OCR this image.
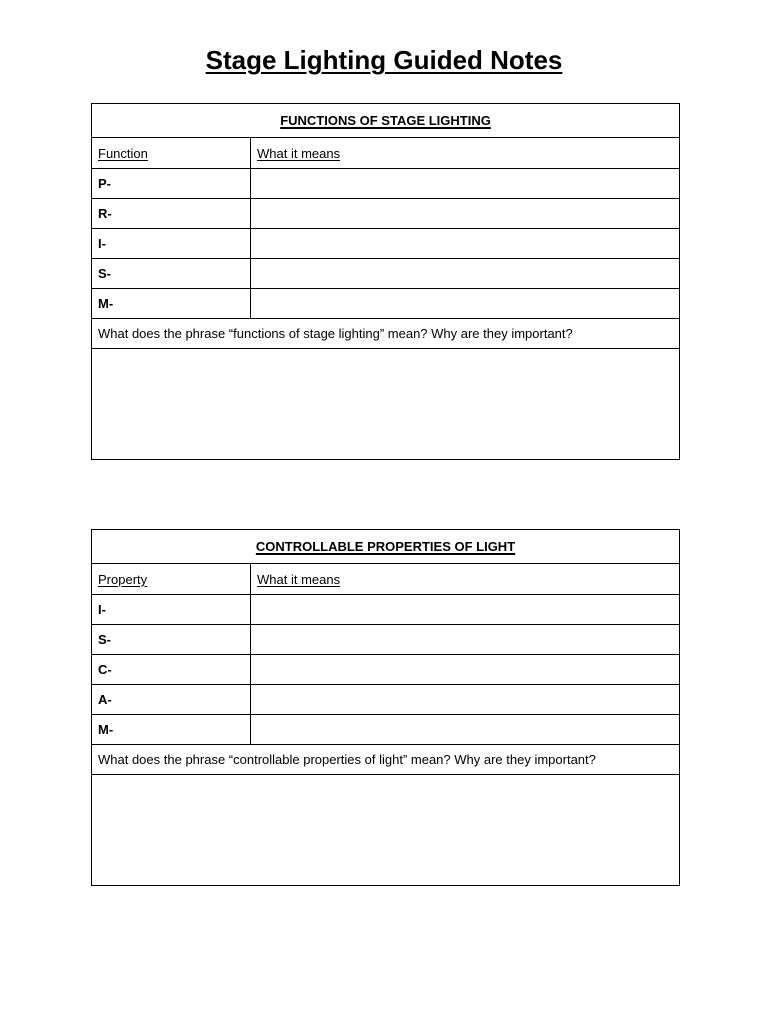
Stage Lighting Guided Notes
FUNCTIONS OF STAGE LIGHTING	
Function	What it means
P-	
R-	
I-	
S-	
M-	
What does the phrase “functions of stage lighting” mean? Why are they important?	

CONTROLLABLE PROPERTIES OF LIGHT	
Property	What it means
I-	
S-	
C-	
A-	
M-	
What does the phrase “controllable properties of light” mean? Why are they important?	
